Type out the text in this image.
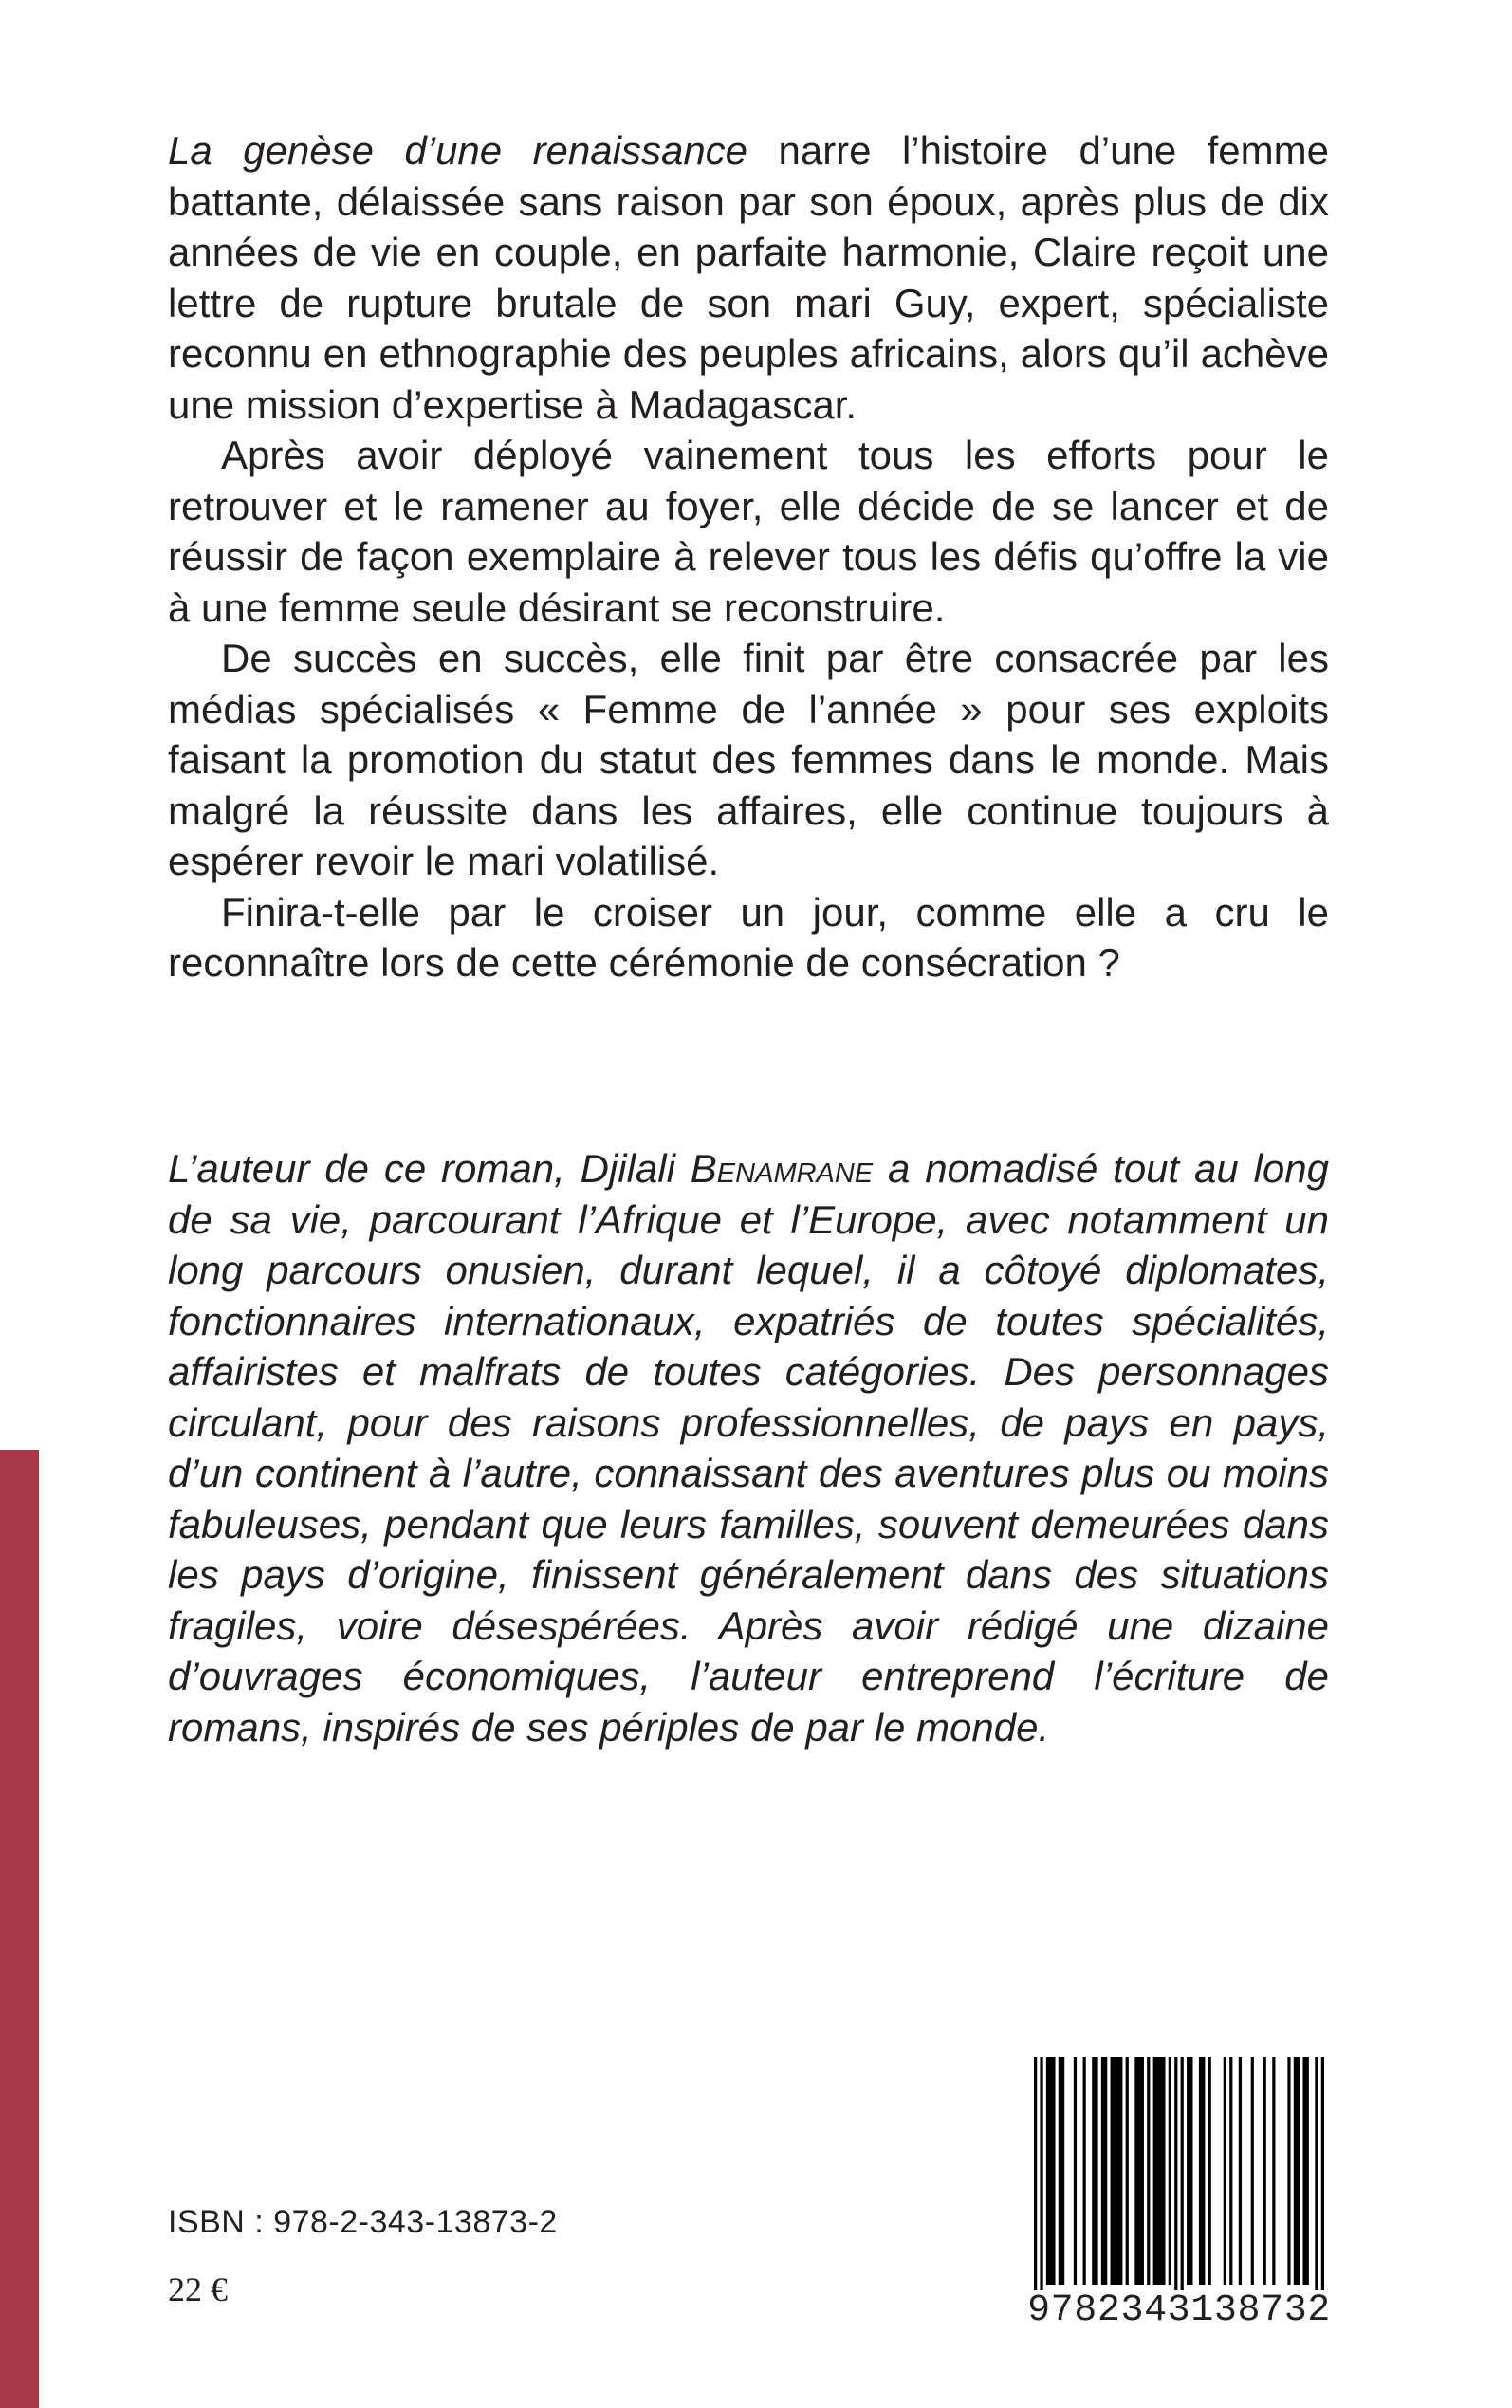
La genèse d’une renaissance narre l’histoire d’une femme battante, délaissée sans raison par son époux, après plus de dix années de vie en couple, en parfaite harmonie, Claire reçoit une lettre de rupture brutale de son mari Guy, expert, spécialiste reconnu en ethnographie des peuples africains, alors qu’il achève une mission d’expertise à Madagascar.

Après avoir déployé vainement tous les efforts pour le retrouver et le ramener au foyer, elle décide de se lancer et de réussir de façon exemplaire à relever tous les défis qu’offre la vie à une femme seule désirant se reconstruire.

De succès en succès, elle finit par être consacrée par les médias spécialisés « Femme de l’année » pour ses exploits faisant la promotion du statut des femmes dans le monde. Mais malgré la réussite dans les affaires, elle continue toujours à espérer revoir le mari volatilisé.

Finira-t-elle par le croiser un jour, comme elle a cru le reconnaître lors de cette cérémonie de consécration ?

L’auteur de ce roman, Djilali Benamrane a nomadisé tout au long de sa vie, parcourant l’Afrique et l’Europe, avec notamment un long parcours onusien, durant lequel, il a côtoyé diplomates, fonctionnaires internationaux, expatriés de toutes spécialités, affairistes et malfrats de toutes catégories. Des personnages circulant, pour des raisons professionnelles, de pays en pays, d’un continent à l’autre, connaissant des aventures plus ou moins fabuleuses, pendant que leurs familles, souvent demeurées dans les pays d’origine, finissent généralement dans des situations fragiles, voire désespérées. Après avoir rédigé une dizaine d’ouvrages économiques, l’auteur entreprend l’écriture de romans, inspirés de ses périples de par le monde.

ISBN : 978-2-343-13873-2
22 €	9782343138732
